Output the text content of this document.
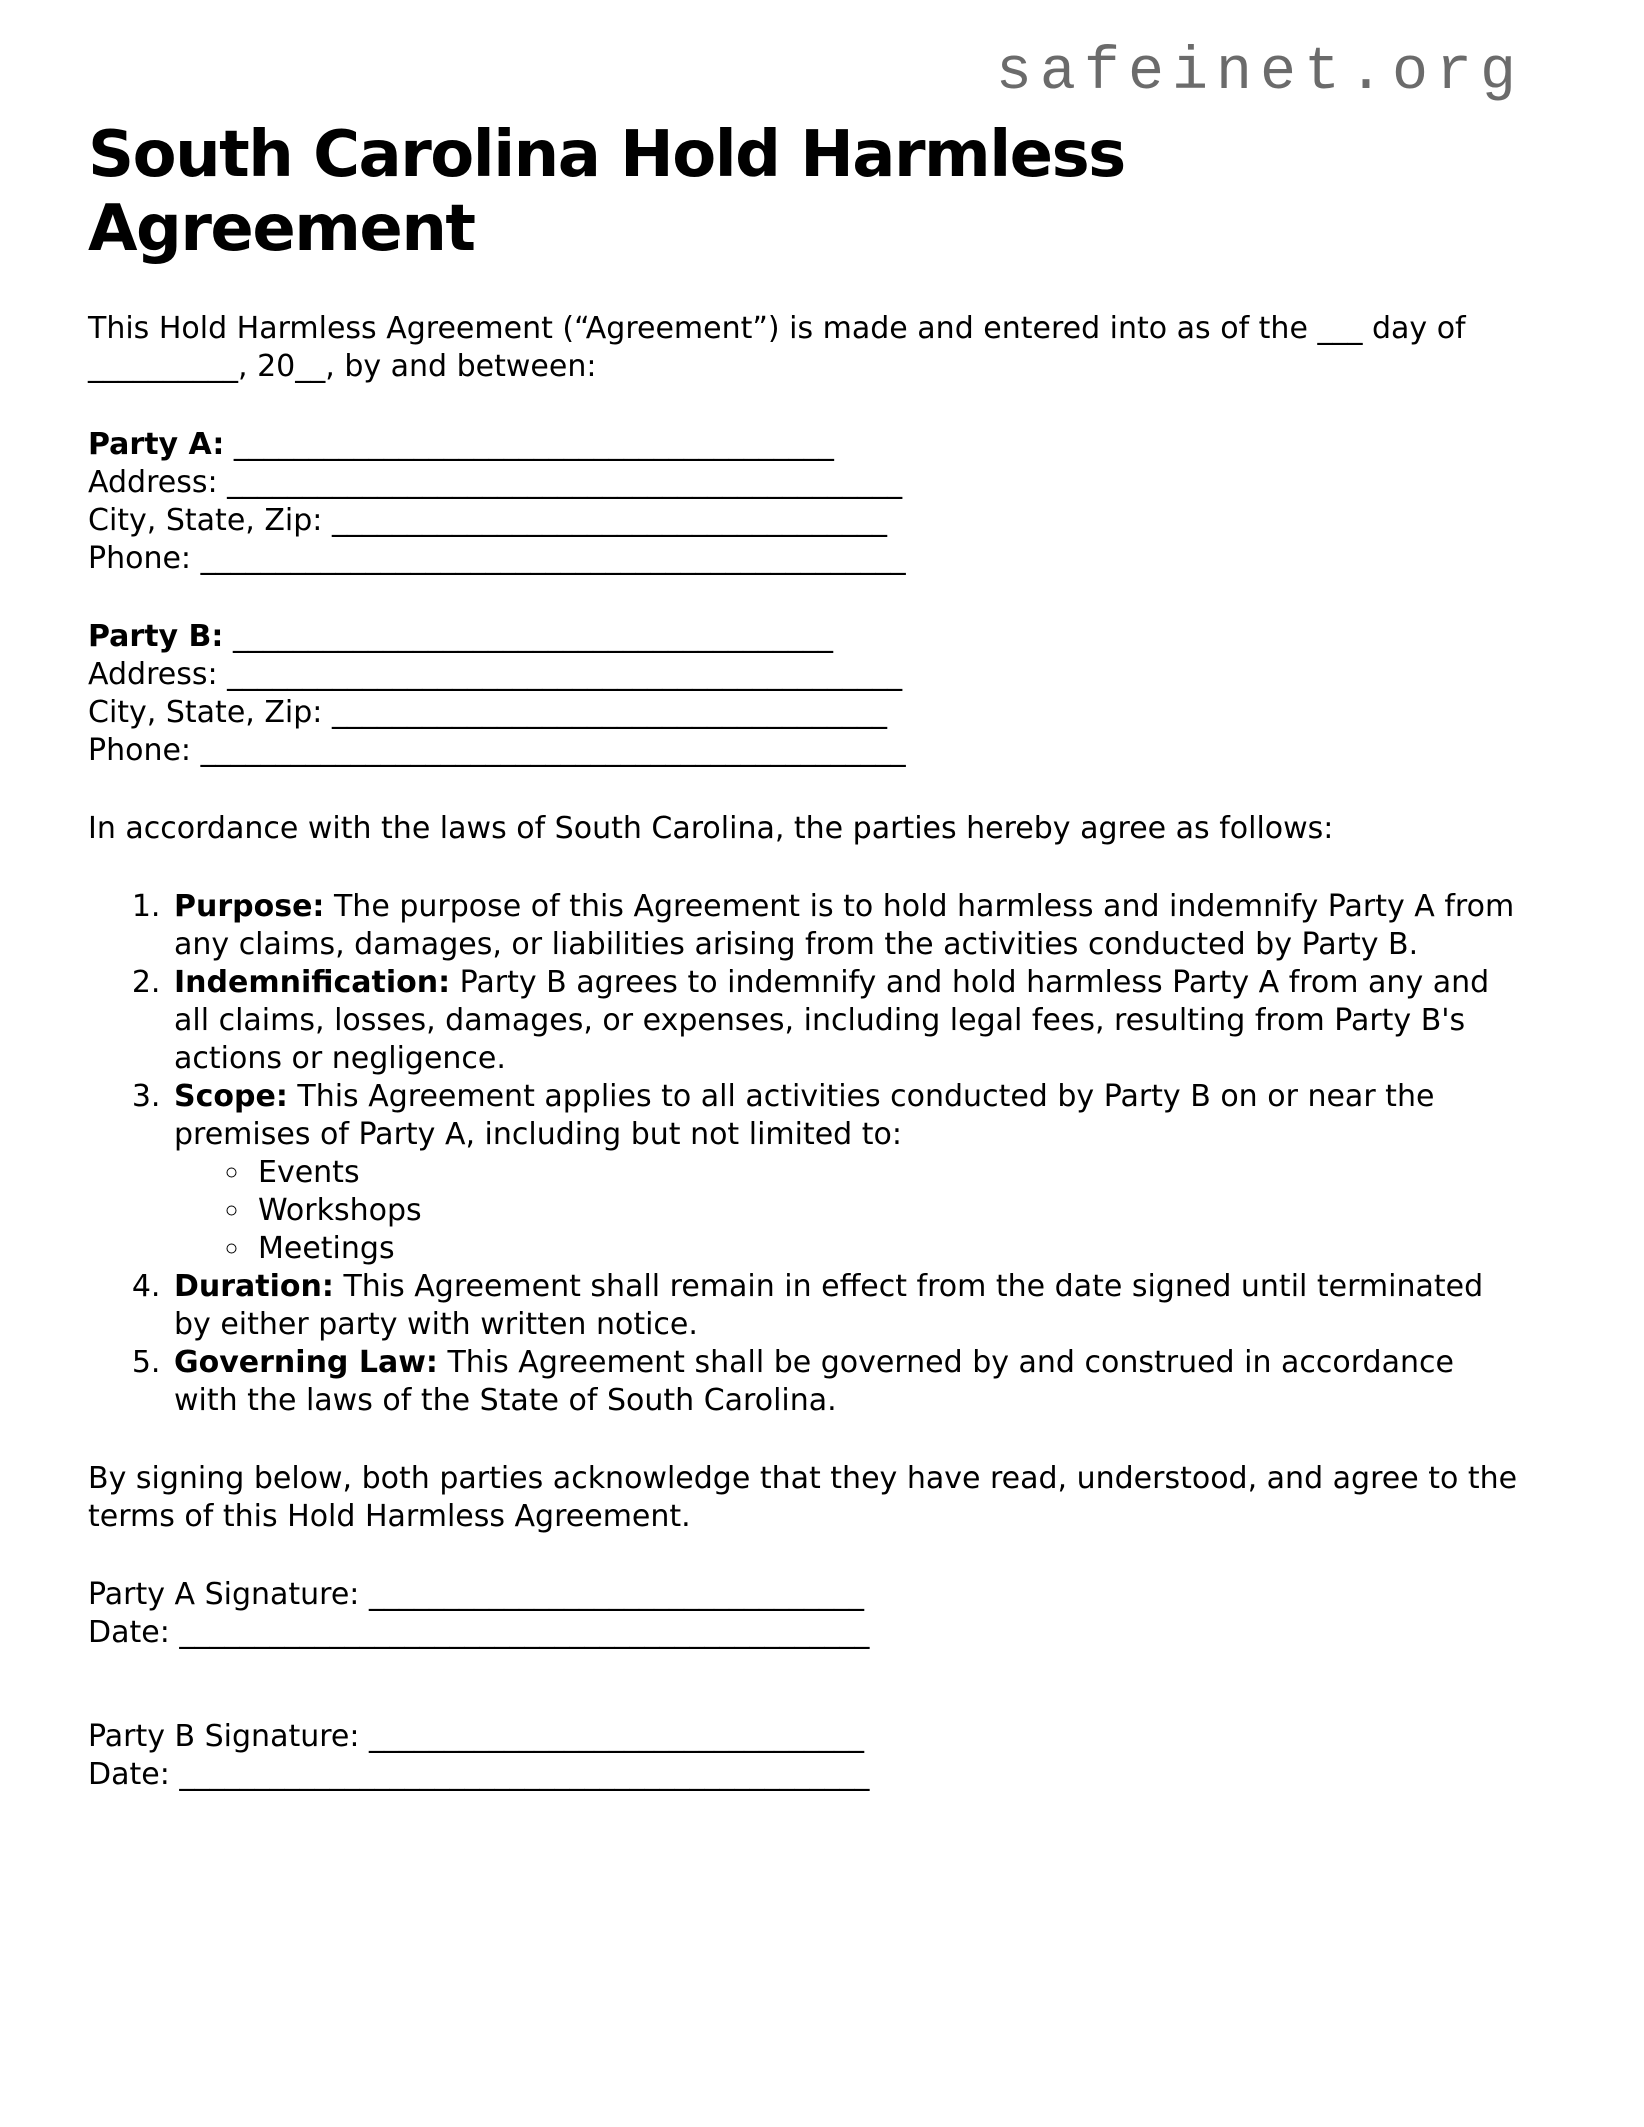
safeinet.org
South Carolina Hold Harmless Agreement

This Hold Harmless Agreement (“Agreement”) is made and entered into as of the ___ day of __________, 20__, by and between:

Party A: ________________________________________
Address: _____________________________________________
City, State, Zip: _____________________________________
Phone: _______________________________________________
Party B: ________________________________________
Address: _____________________________________________
City, State, Zip: _____________________________________
Phone: _______________________________________________

In accordance with the laws of South Carolina, the parties hereby agree as follows:

1. Purpose: The purpose of this Agreement is to hold harmless and indemnify Party A from any claims, damages, or liabilities arising from the activities conducted by Party B.
2. Indemnification: Party B agrees to indemnify and hold harmless Party A from any and all claims, losses, damages, or expenses, including legal fees, resulting from Party B's actions or negligence.
3. Scope: This Agreement applies to all activities conducted by Party B on or near the premises of Party A, including but not limited to:
◦ Events
◦ Workshops
◦ Meetings
4. Duration: This Agreement shall remain in effect from the date signed until terminated by either party with written notice.
5. Governing Law: This Agreement shall be governed by and construed in accordance with the laws of the State of South Carolina.

By signing below, both parties acknowledge that they have read, understood, and agree to the terms of this Hold Harmless Agreement.

Party A Signature: _________________________________
Date: ______________________________________________
Party B Signature: _________________________________
Date: ______________________________________________
